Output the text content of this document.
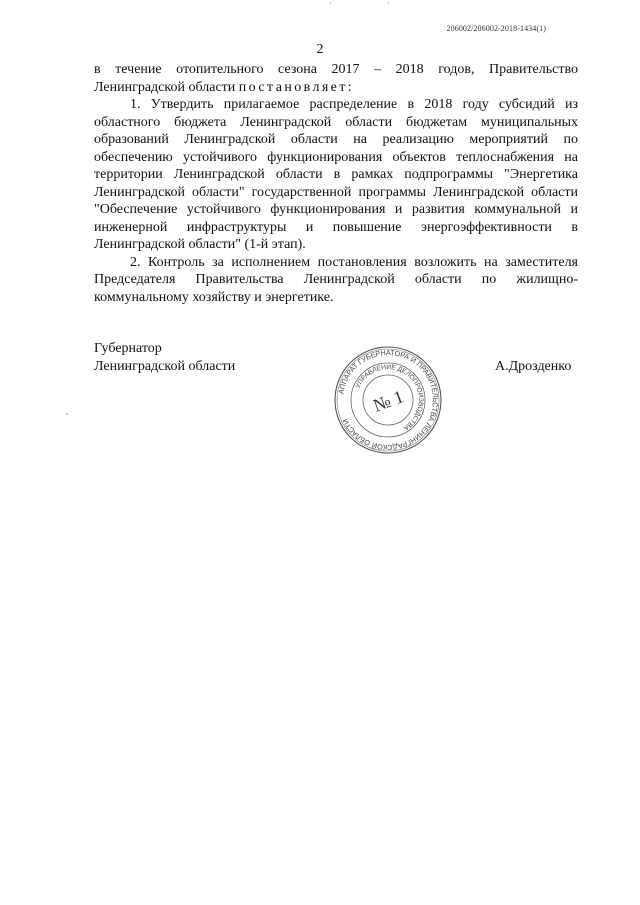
206002/206002-2018-1434(1)
2

в течение отопительного сезона 2017 – 2018 годов, Правительство

Ленинградской области постановляет:

1. Утвердить прилагаемое распределение в 2018 году субсидий из областного бюджета Ленинградской области бюджетам муниципальных образований Ленинградской области на реализацию мероприятий по обеспечению устойчивого функционирования объектов теплоснабжения на территории Ленинградской области в рамках подпрограммы "Энергетика Ленинградской области" государственной программы Ленинградской области "Обеспечение устойчивого функционирования и развития коммунальной и инженерной инфраструктуры и повышение энергоэффективности в Ленинградской области" (1-й этап).

2. Контроль за исполнением постановления возложить на заместителя Председателя Правительства Ленинградской области по жилищно-коммунальному хозяйству и энергетике.

Губернатор
Ленинградской области	А.Дрозденко
АППАРАТ ГУБЕРНАТОРА И ПРАВИТЕЛЬСТВА ЛЕНИНГРАДСКОЙ ОБЛАСТИ
УПРАВЛЕНИЕ ДЕЛОПРОИЗВОДСТВА
№ 1
